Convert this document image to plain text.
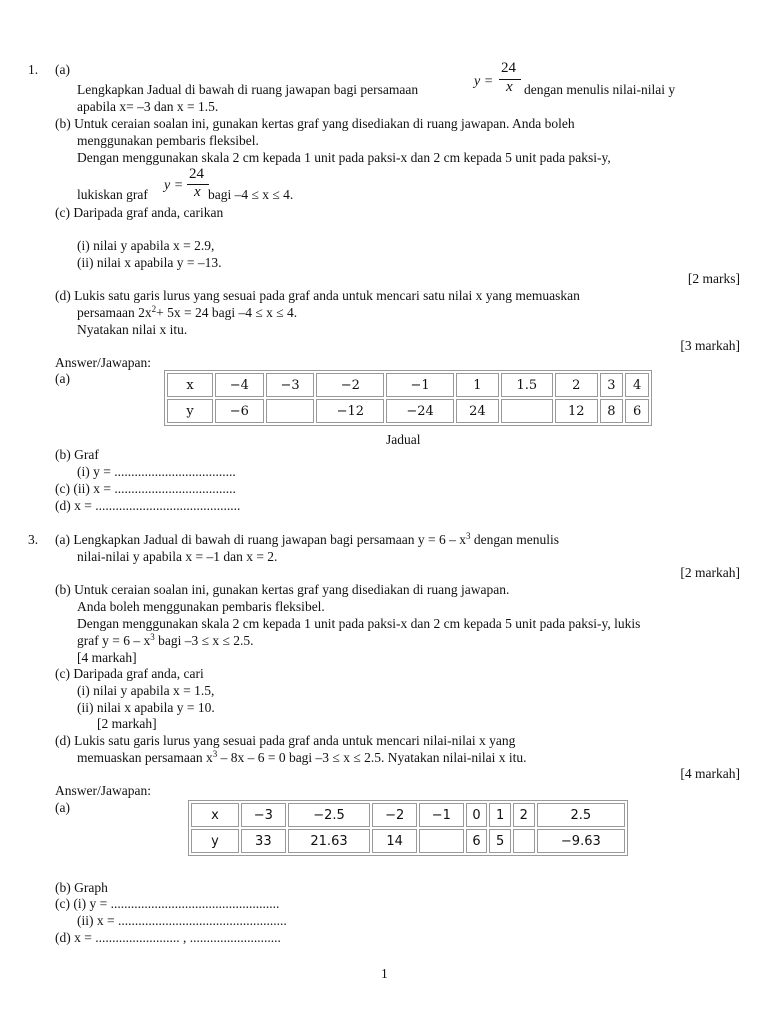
1. (a)
Lengkapkan Jadual di bawah di ruang jawapan bagi persamaan
y =
24
x dengan menulis nilai-nilai y
apabila x= –3 dan x = 1.5.
(b) Untuk ceraian soalan ini, gunakan kertas graf yang disediakan di ruang jawapan. Anda boleh
menggunakan pembaris fleksibel.
Dengan menggunakan skala 2 cm kepada 1 unit pada paksi-x dan 2 cm kepada 5 unit pada paksi-y,
lukiskan graf
y =
24
x bagi –4 ≤ x ≤ 4.
(c) Daripada graf anda, carikan
(i) nilai y apabila x = 2.9,
(ii) nilai x apabila y = –13.
[2 marks]
(d) Lukis satu garis lurus yang sesuai pada graf anda untuk mencari satu nilai x yang memuaskan
persamaan $2x^2+ 5x = 24$ bagi –4 ≤ x ≤ 4.
Nyatakan nilai x itu.
[3 markah]
Answer/Jawapan:
(a)	x	−4	−3	−2	−1	1	1.5	2	3	4
y	−6		−12	−24	24		12	8	6
Jadual
(b) Graf
(i) y = ....................................
(c) (ii) x = ....................................
(d) x = ...........................................
3. (a) Lengkapkan Jadual di bawah di ruang jawapan bagi persamaan $y = 6 - x^3$ dengan menulis
nilai-nilai y apabila x = –1 dan x = 2.
[2 markah]
(b) Untuk ceraian soalan ini, gunakan kertas graf yang disediakan di ruang jawapan.
Anda boleh menggunakan pembaris fleksibel.
Dengan menggunakan skala 2 cm kepada 1 unit pada paksi-x dan 2 cm kepada 5 unit pada paksi-y, lukis
graf $y = 6 - x^3$ bagi –3 ≤ x ≤ 2.5.
[4 markah]
(c) Daripada graf anda, cari
(i) nilai y apabila x = 1.5,
(ii) nilai x apabila y = 10.
[2 markah]
(d) Lukis satu garis lurus yang sesuai pada graf anda untuk mencari nilai-nilai x yang
memuaskan persamaan $x^3 - 8x - 6 = 0$ bagi –3 ≤ x ≤ 2.5. Nyatakan nilai-nilai x itu.
[4 markah]
Answer/Jawapan:
(a)	x	−3	−2.5	−2	−1	0	1	2	2.5
y	33	21.63	14		6	5		−9.63
(b) Graph
(c) (i) y = ..................................................
(ii) x = ..................................................
(d) x = ......................... , ...........................
1
